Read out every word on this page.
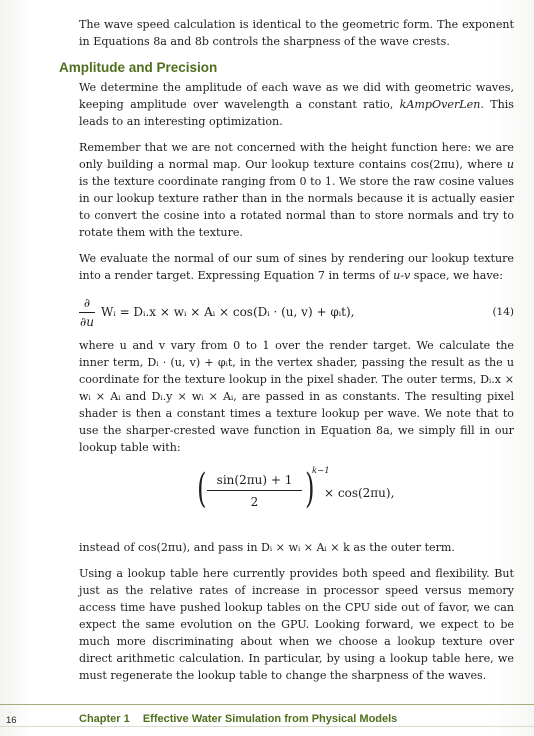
The wave speed calculation is identical to the geometric form. The exponent in Equations 8a and 8b controls the sharpness of the wave crests.

Amplitude and Precision

We determine the amplitude of each wave as we did with geometric waves, keeping amplitude over wavelength a constant ratio, kAmpOverLen. This leads to an interesting optimization.

Remember that we are not concerned with the height function here: we are only building a normal map. Our lookup texture contains cos(2πu), where u is the texture coordinate ranging from 0 to 1. We store the raw cosine values in our lookup texture rather than in the normals because it is actually easier to convert the cosine into a rotated normal than to store normals and try to rotate them with the texture.

We evaluate the normal of our sum of sines by rendering our lookup texture into a render target. Expressing Equation 7 in terms of u-v space, we have:

∂
∂u
Wᵢ = Dᵢ.x × wᵢ × Aᵢ × cos(Dᵢ · (u, v) + φᵢt),	(14)

where u and v vary from 0 to 1 over the render target. We calculate the inner term, Dᵢ · (u, v) + φᵢt, in the vertex shader, passing the result as the u coordinate for the texture lookup in the pixel shader. The outer terms, Dᵢ.x × wᵢ × Aᵢ and Dᵢ.y × wᵢ × Aᵢ, are passed in as constants. The resulting pixel shader is then a constant times a texture lookup per wave. We note that to use the sharper-crested wave function in Equation 8a, we simply fill in our lookup table with:

( sin(2πu) + 1
2	)
k−1
× cos(2πu),

instead of cos(2πu), and pass in Dᵢ × wᵢ × Aᵢ × k as the outer term.

Using a lookup table here currently provides both speed and flexibility. But just as the relative rates of increase in processor speed versus memory access time have pushed lookup tables on the CPU side out of favor, we can expect the same evolution on the GPU. Looking forward, we expect to be much more discriminating about when we choose a lookup texture over direct arithmetic calculation. In particular, by using a lookup table here, we must regenerate the lookup table to change the sharpness of the waves.

16	Chapter 1 Effective Water Simulation from Physical Models
